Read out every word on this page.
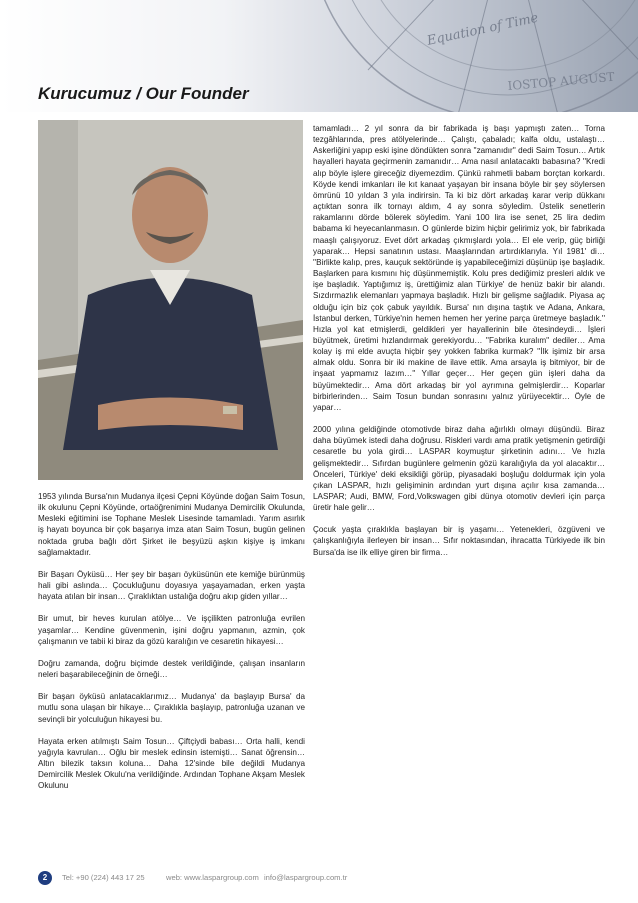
Equation of Time
IOSTOP AUGUST
Kurucumuz / Our Founder

tamamladı… 2 yıl sonra da bir fabrikada iş başı yapmıştı zaten… Torna tezgâhlarında, pres atölyelerinde… Çalıştı, çabaladı; kalfa oldu, ustalaştı… Askerliğini yapıp eski işine döndükten sonra ''zamanıdır'' dedi Saim Tosun… Artık hayalleri hayata geçirmenin zamanıdır… Ama nasıl anlatacaktı babasına? ''Kredi alıp böyle işlere gireceğiz diyemezdim. Çünkü rahmetli babam borçtan korkardı. Köyde kendi imkanları ile kıt kanaat yaşayan bir insana böyle bir şey söylersen ömrünü 10 yıldan 3 yıla indirirsin. Ta ki biz dört arkadaş karar verip dükkanı açtıktan sonra ilk tornayı aldım, 4 ay sonra söyledim. Üstelik senetlerin rakamlarını dörde bölerek söyledim. Yani 100 lira ise senet, 25 lira dedim babama ki heyecanlanmasın. O günlerde bizim hiçbir gelirimiz yok, bir fabrikada maaşlı çalışıyoruz. Evet dört arkadaş çıkmışlardı yola… El ele verip, güç birliği yaparak… Hepsi sanatının ustası. Maaşlarından artırdıklarıyla. Yıl 1981' di… ''Birlikte kalıp, pres, kauçuk sektöründe iş yapabileceğimizi düşünüp işe başladık. Başlarken para kısmını hiç düşünmemiştik. Kolu pres dediğimiz presleri aldık ve işe başladık. Yaptığımız iş, ürettiğimiz alan Türkiye' de henüz bakir bir alandı. Sızdırmazlık elemanları yapmaya başladık. Hızlı bir gelişme sağladık. Piyasa aç olduğu için biz çok çabuk yayıldık. Bursa' nın dışına taştık ve Adana, Ankara, İstanbul derken, Türkiye'nin hemen hemen her yerine parça üretmeye başladık.'' Hızla yol kat etmişlerdi, geldikleri yer hayallerinin bile ötesindeydi… İşleri büyütmek, üretimi hızlandırmak gerekiyordu… ''Fabrika kuralım'' dediler… Ama kolay iş mi elde avuçta hiçbir şey yokken fabrika kurmak? ''İlk işimiz bir arsa almak oldu. Sonra bir iki makine de ilave ettik. Ama arsayla iş bitmiyor, bir de inşaat yapmamız lazım…'' Yıllar geçer… Her geçen gün işleri daha da büyümektedir… Ama dört arkadaş bir yol ayrımına gelmişlerdir… Koparlar birbirlerinden… Saim Tosun bundan sonrasını yalnız yürüyecektir… Öyle de yapar…

2000 yılına geldiğinde otomotivde biraz daha ağırlıklı olmayı düşündü. Biraz daha büyümek istedi daha doğrusu. Riskleri vardı ama pratik yetişmenin getirdiği cesaretle bu yola girdi… LASPAR koymuştur şirketinin adını… Ve hızla gelişmektedir… Sıfırdan bugünlere gelmenin gözü karalığıyla da yol alacaktır… Önceleri, Türkiye' deki eksikliği görüp, piyasadaki boşluğu doldurmak için yola çıkan LASPAR, hızlı gelişiminin ardından yurt dışına açılır kısa zamanda… LASPAR; Audi, BMW, Ford,Volkswagen gibi dünya otomotiv devleri için parça üretir hale gelir…

Çocuk yaşta çıraklıkla başlayan bir iş yaşamı… Yetenekleri, özgüveni ve çalışkanlığıyla ilerleyen bir insan… Sıfır noktasından, ihracatta Türkiyede ilk bin Bursa'da ise ilk elliye giren bir firma…

1953 yılında Bursa'nın Mudanya ilçesi Çepni Köyünde doğan Saim Tosun, ilk okulunu Çepni Köyünde, ortaöğrenimini Mudanya Demircilik Okulunda, Mesleki eğitimini ise Tophane Meslek Lisesinde tamamladı. Yarım asırlık iş hayatı boyunca bir çok başarıya imza atan Saim Tosun, bugün gelinen noktada gruba bağlı dört Şirket ile beşyüzü aşkın kişiye iş imkanı sağlamaktadır.

Bir Başarı Öyküsü… Her şey bir başarı öyküsünün ete kemiğe bürünmüş hali gibi aslında… Çocukluğunu doyasıya yaşayamadan, erken yaşta hayata atılan bir insan… Çıraklıktan ustalığa doğru akıp giden yıllar…

Bir umut, bir heves kurulan atölye… Ve işçilikten patronluğa evrilen yaşamlar… Kendine güvenmenin, işini doğru yapmanın, azmin, çok çalışmanın ve tabii ki biraz da gözü karalığın ve cesaretin hikayesi…

Doğru zamanda, doğru biçimde destek verildiğinde, çalışan insanların neleri başarabileceğinin de örneği…

Bir başarı öyküsü anlatacaklarımız… Mudanya' da başlayıp Bursa' da mutlu sona ulaşan bir hikaye… Çıraklıkla başlayıp, patronluğa uzanan ve sevinçli bir yolculuğun hikayesi bu.

Hayata erken atılmıştı Saim Tosun… Çiftçiydi babası… Orta halli, kendi yağıyla kavrulan… Oğlu bir meslek edinsin istemişti… Sanat öğrensin… Altın bilezik taksın koluna… Daha 12'sinde bile değildi Mudanya Demircilik Meslek Okulu'na verildiğinde. Ardından Tophane Akşam Meslek Okulunu

2	Tel: +90 (224) 443 17 25	web: www.laspargroup.com info@laspargroup.com.tr
